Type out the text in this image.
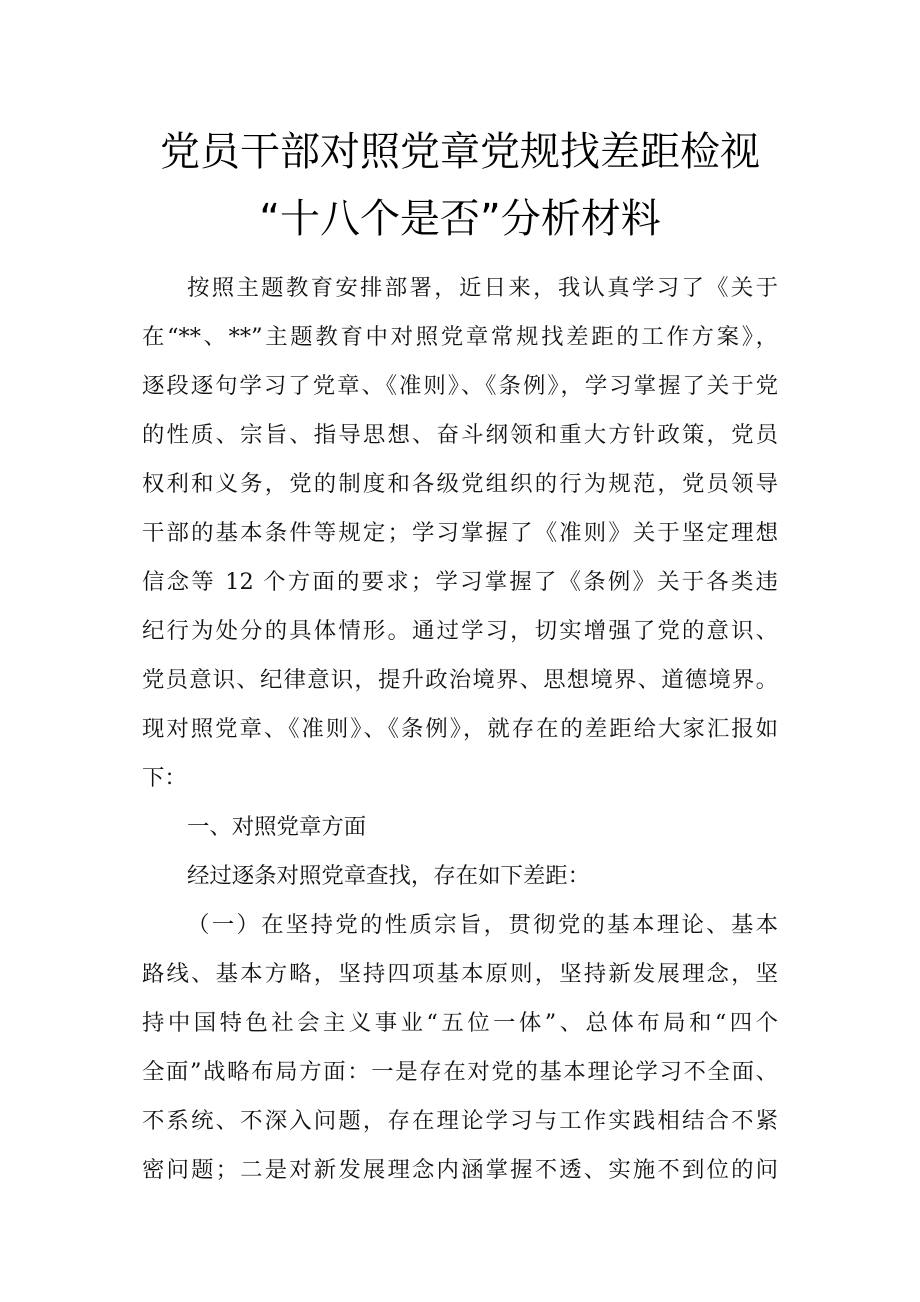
党员干部对照党章党规找差距检视
“十八个是否”分析材料
按照主题教育安排部署，近日来，我认真学习了《关于
在“**、**”主题教育中对照党章常规找差距的工作方案》，
逐段逐句学习了党章、《准则》、《条例》，学习掌握了关于党
的性质、宗旨、指导思想、奋斗纲领和重大方针政策，党员
权利和义务，党的制度和各级党组织的行为规范，党员领导
干部的基本条件等规定；学习掌握了《准则》关于坚定理想
信念等 12 个方面的要求；学习掌握了《条例》关于各类违
纪行为处分的具体情形。通过学习，切实增强了党的意识、
党员意识、纪律意识，提升政治境界、思想境界、道德境界。
现对照党章、《准则》、《条例》，就存在的差距给大家汇报如
下：
一、对照党章方面
经过逐条对照党章查找，存在如下差距：
（一）在坚持党的性质宗旨，贯彻党的基本理论、基本
路线、基本方略，坚持四项基本原则，坚持新发展理念，坚
持中国特色社会主义事业“五位一体”、总体布局和“四个
全面”战略布局方面：一是存在对党的基本理论学习不全面、
不系统、不深入问题，存在理论学习与工作实践相结合不紧
密问题；二是对新发展理念内涵掌握不透、实施不到位的问
